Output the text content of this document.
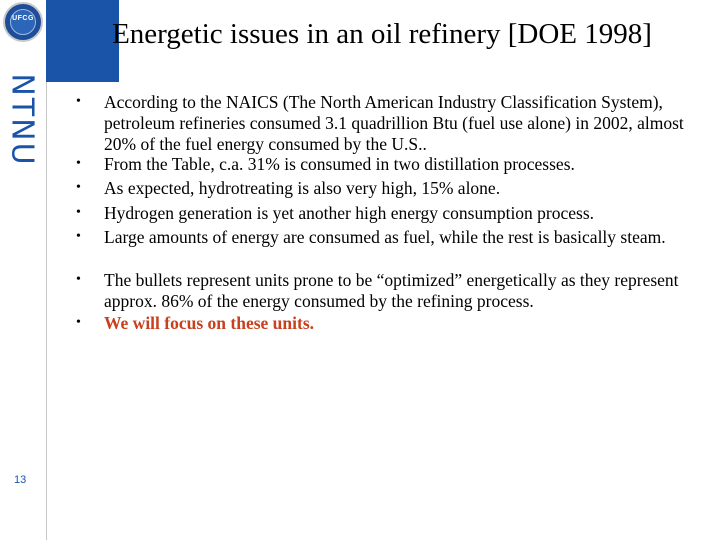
UFCG
NTNU
13
Energetic issues in an oil refinery [DOE 1998]
• According to the NAICS (The North American Industry Classification System), petroleum refineries consumed 3.1 quadrillion Btu (fuel use alone) in 2002, almost 20% of the fuel energy consumed by the U.S..
• From the Table, c.a. 31% is consumed in two distillation processes.
• As expected, hydrotreating is also very high, 15% alone.
• Hydrogen generation is yet another high energy consumption process.
• Large amounts of energy are consumed as fuel, while the rest is basically steam.
• The bullets represent units prone to be “optimized” energetically as they represent approx. 86% of the energy consumed by the refining process.
• We will focus on these units.
